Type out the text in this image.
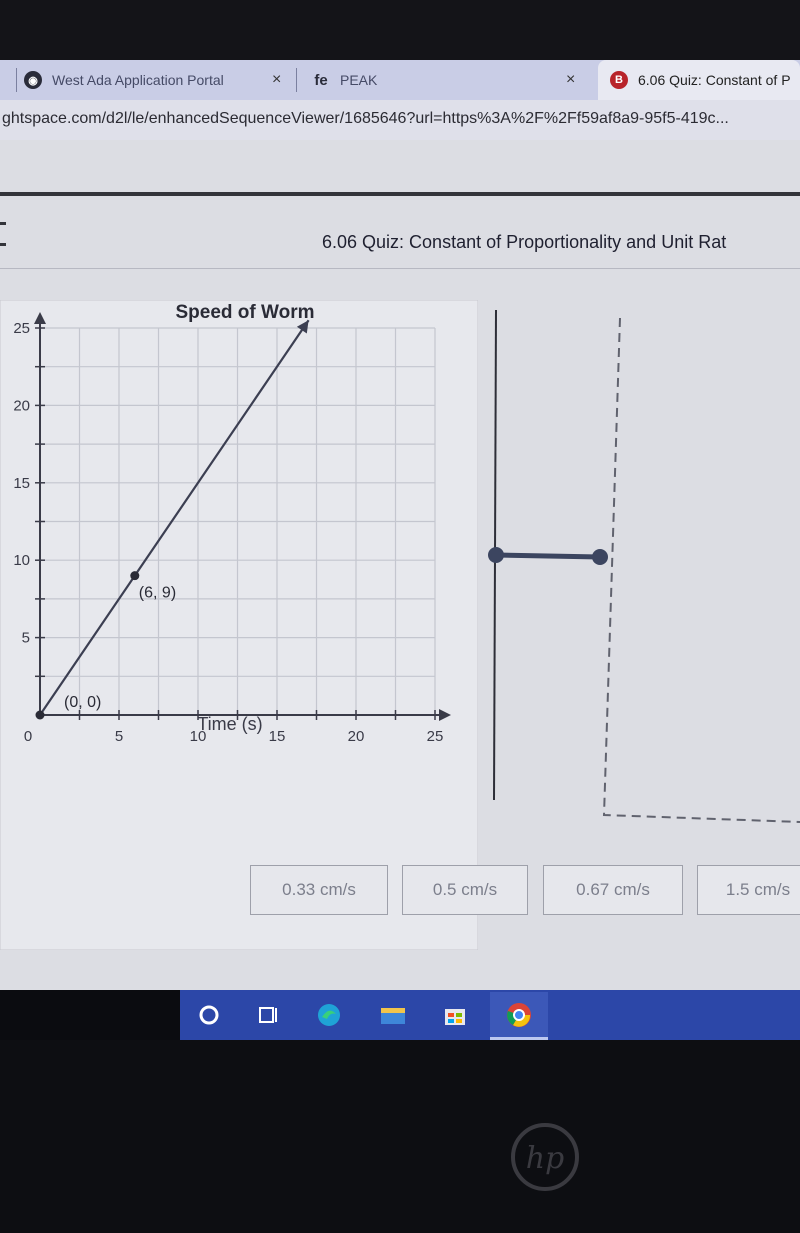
◉	West Ada Application Portal	× fe PEAK	×	B	6.06 Quiz: Constant of P
ghtspace.com/d2l/le/enhancedSequenceViewer/1685646?url=https%3A%2F%2Ff59af8a9-95f5-419c...
6.06 Quiz: Constant of Proportionality and Unit Rat
Speed of Worm
0	5	10	15	20	25
5
10
15
20
25
(0, 0)
(6, 9)
Time (s)
0.33 cm/s	0.5 cm/s	0.67 cm/s	1.5 cm/s
hp
